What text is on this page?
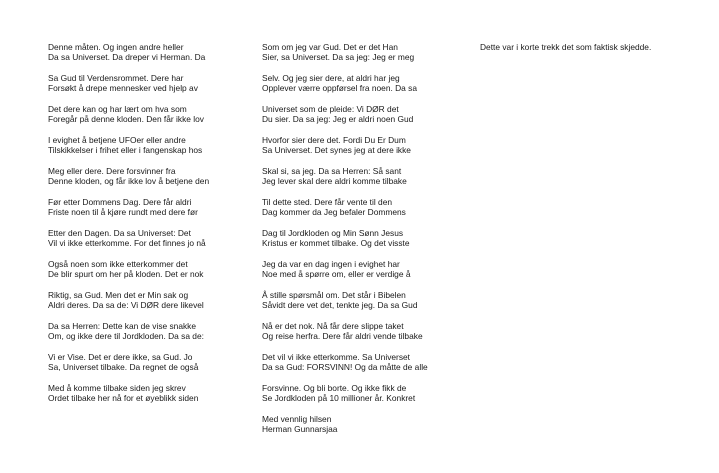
Denne måten. Og ingen andre heller
Da sa Universet. Da dreper vi Herman. Da
Sa Gud til Verdensrommet. Dere har
Forsøkt å drepe mennesker ved hjelp av
Det dere kan og har lært om hva som
Foregår på denne kloden. Den får ikke lov
I evighet å betjene UFOer eller andre
Tilskikkelser i frihet eller i fangenskap hos
Meg eller dere. Dere forsvinner fra
Denne kloden, og får ikke lov å betjene den
Før etter Dommens Dag. Dere får aldri
Friste noen til å kjøre rundt med dere før
Etter den Dagen. Da sa Universet: Det
Vil vi ikke etterkomme. For det finnes jo nå
Også noen som ikke etterkommer det
De blir spurt om her på kloden. Det er nok
Riktig, sa Gud. Men det er Min sak og
Aldri deres. Da sa de: Vi DØR dere likevel
Da sa Herren: Dette kan de vise snakke
Om, og ikke dere til Jordkloden. Da sa de:
Vi er Vise. Det er dere ikke, sa Gud. Jo
Sa, Universet tilbake. Da regnet de også
Med å komme tilbake siden jeg skrev
Ordet tilbake her nå for et øyeblikk siden
Som om jeg var Gud. Det er det Han
Sier, sa Universet. Da sa jeg: Jeg er meg
Selv. Og jeg sier dere, at aldri har jeg
Opplever værre oppførsel fra noen. Da sa
Universet som de pleide: Vi DØR det
Du sier. Da sa jeg: Jeg er aldri noen Gud
Hvorfor sier dere det. Fordi Du Er Dum
Sa Universet. Det synes jeg at dere ikke
Skal si, sa jeg. Da sa Herren: Så sant
Jeg lever skal dere aldri komme tilbake
Til dette sted. Dere får vente til den
Dag kommer da Jeg befaler Dommens
Dag til Jordkloden og Min Sønn Jesus
Kristus er kommet tilbake. Og det visste
Jeg da var en dag ingen i evighet har
Noe med å spørre om, eller er verdige å
Å stille spørsmål om. Det står i Bibelen
Såvidt dere vet det, tenkte jeg. Da sa Gud
Nå er det nok. Nå får dere slippe taket
Og reise herfra. Dere får aldri vende tilbake
Det vil vi ikke etterkomme. Sa Universet
Da sa Gud: FORSVINN! Og da måtte de alle
Forsvinne. Og bli borte. Og ikke fikk de
Se Jordkloden på 10 millioner år. Konkret
Med vennlig hilsen
Herman Gunnarsjaa
Dette var i korte trekk det som faktisk skjedde.
